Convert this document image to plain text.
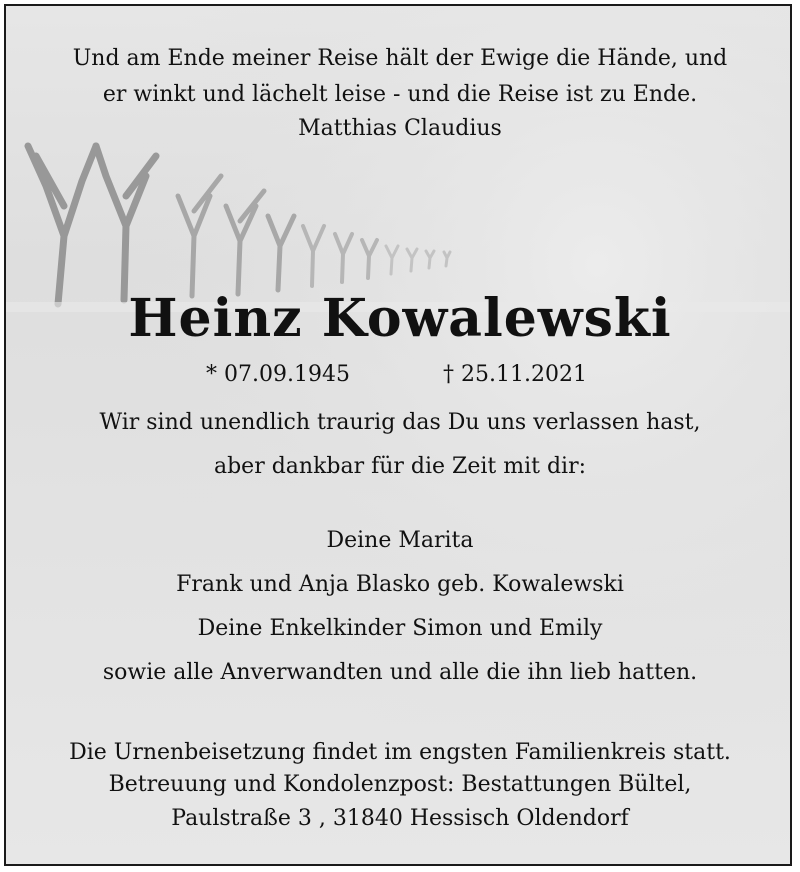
Und am Ende meiner Reise hält der Ewige die Hände, und
er winkt und lächelt leise - und die Reise ist zu Ende.
Matthias Claudius
Heinz Kowalewski
* 07.09.1945	† 25.11.2021
Wir sind unendlich traurig das Du uns verlassen hast,
aber dankbar für die Zeit mit dir:
Deine Marita
Frank und Anja Blasko geb. Kowalewski
Deine Enkelkinder Simon und Emily
sowie alle Anverwandten und alle die ihn lieb hatten.
Die Urnenbeisetzung findet im engsten Familienkreis statt.
Betreuung und Kondolenzpost: Bestattungen Bültel,
Paulstraße 3 , 31840 Hessisch Oldendorf
